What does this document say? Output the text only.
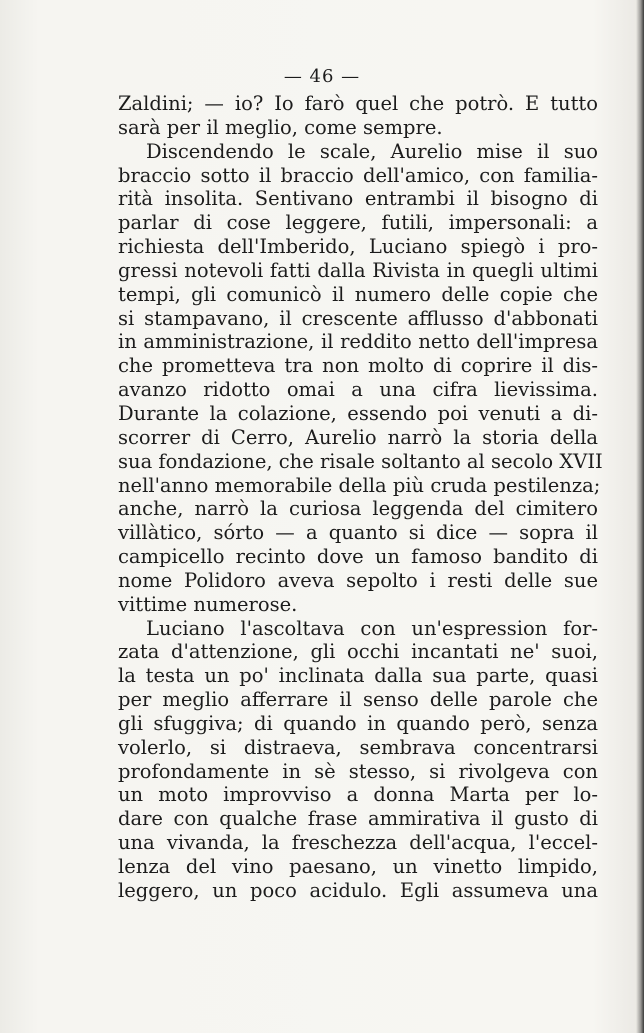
— 46 —
Zaldini; — io? Io farò quel che potrò. E tutto
sarà per il meglio, come sempre.
Discendendo le scale, Aurelio mise il suo
braccio sotto il braccio dell'amico, con familia-
rità insolita. Sentivano entrambi il bisogno di
parlar di cose leggere, futili, impersonali: a
richiesta dell'Imberido, Luciano spiegò i pro-
gressi notevoli fatti dalla Rivista in quegli ultimi
tempi, gli comunicò il numero delle copie che
si stampavano, il crescente afflusso d'abbonati
in amministrazione, il reddito netto dell'impresa
che prometteva tra non molto di coprire il dis-
avanzo ridotto omai a una cifra lievissima.
Durante la colazione, essendo poi venuti a di-
scorrer di Cerro, Aurelio narrò la storia della
sua fondazione, che risale soltanto al secolo XVII
nell'anno memorabile della più cruda pestilenza;
anche, narrò la curiosa leggenda del cimitero
villàtico, sórto — a quanto si dice — sopra il
campicello recinto dove un famoso bandito di
nome Polidoro aveva sepolto i resti delle sue
vittime numerose.
Luciano l'ascoltava con un'espression for-
zata d'attenzione, gli occhi incantati ne' suoi,
la testa un po' inclinata dalla sua parte, quasi
per meglio afferrare il senso delle parole che
gli sfuggiva; di quando in quando però, senza
volerlo, si distraeva, sembrava concentrarsi
profondamente in sè stesso, si rivolgeva con
un moto improvviso a donna Marta per lo-
dare con qualche frase ammirativa il gusto di
una vivanda, la freschezza dell'acqua, l'eccel-
lenza del vino paesano, un vinetto limpido,
leggero, un poco acidulo. Egli assumeva una
